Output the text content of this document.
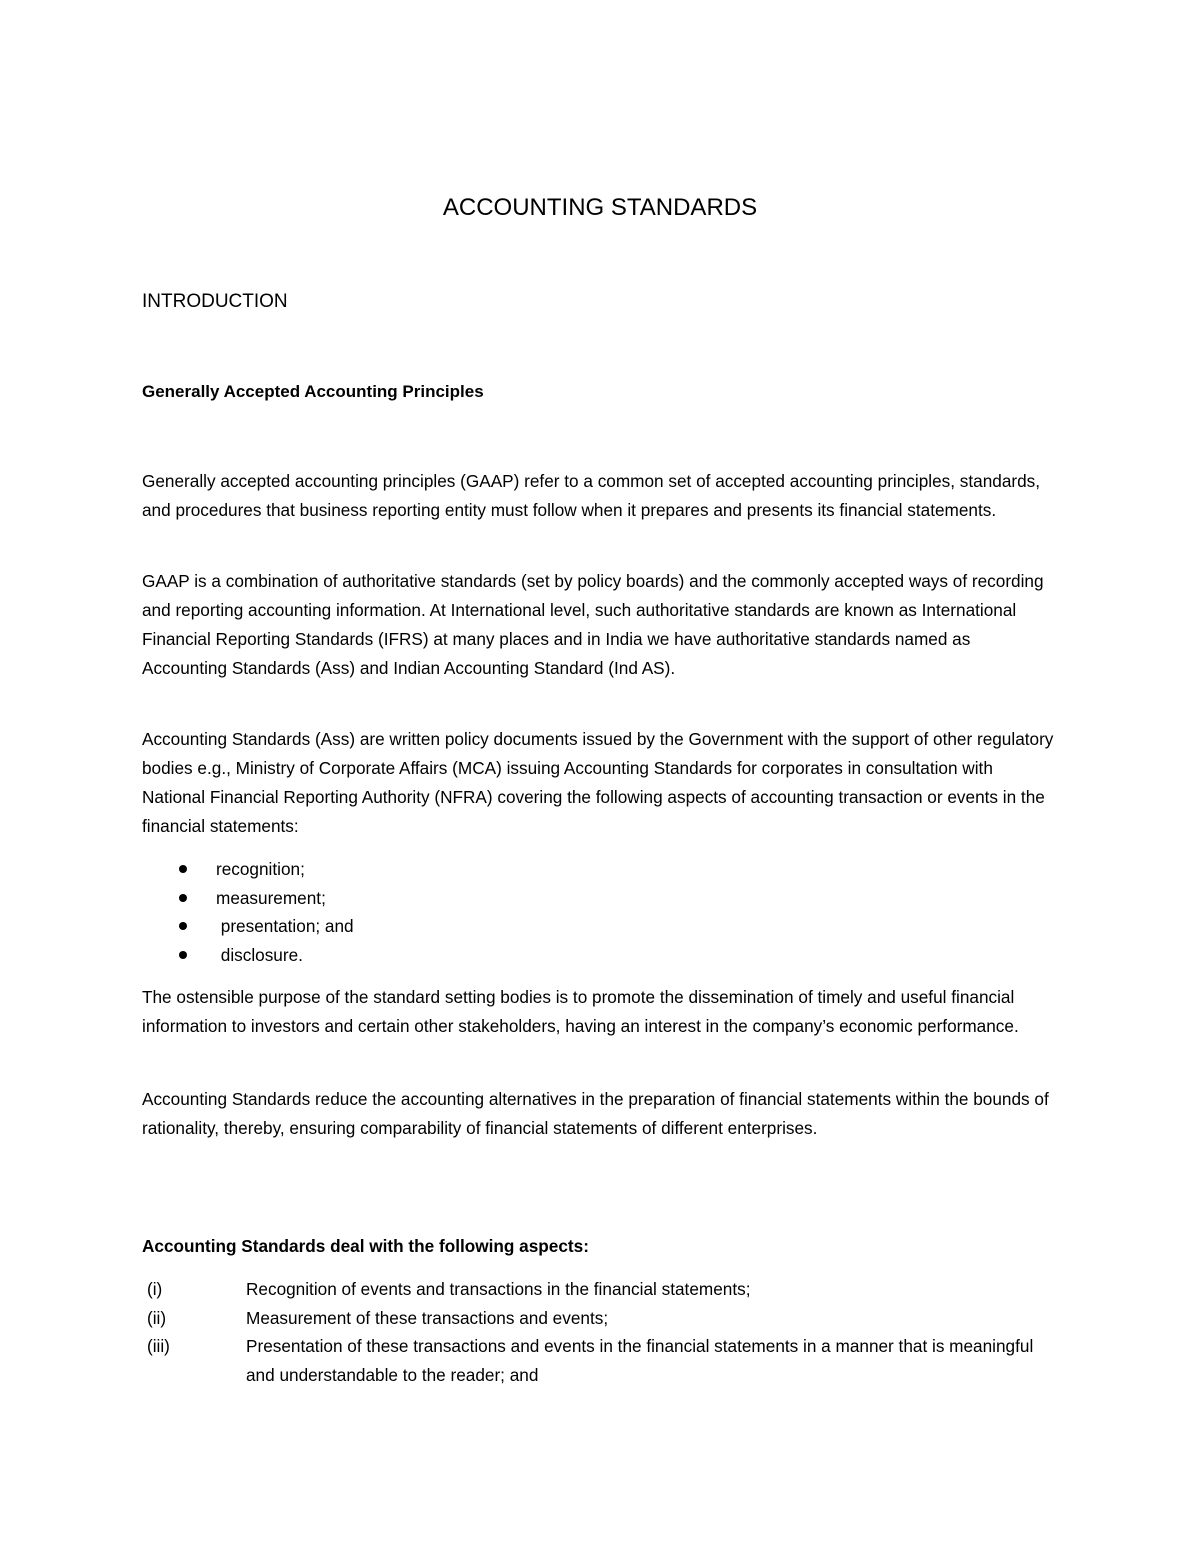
ACCOUNTING STANDARDS
INTRODUCTION
Generally Accepted Accounting Principles

Generally accepted accounting principles (GAAP) refer to a common set of accepted accounting principles, standards, and procedures that business reporting entity must follow when it prepares and presents its financial statements.

GAAP is a combination of authoritative standards (set by policy boards) and the commonly accepted ways of recording and reporting accounting information. At International level, such authoritative standards are known as International Financial Reporting Standards (IFRS) at many places and in India we have authoritative standards named as Accounting Standards (Ass) and Indian Accounting Standard (Ind AS).

Accounting Standards (Ass) are written policy documents issued by the Government with the support of other regulatory bodies e.g., Ministry of Corporate Affairs (MCA) issuing Accounting Standards for corporates in consultation with National Financial Reporting Authority (NFRA) covering the following aspects of accounting transaction or events in the financial statements:

recognition;
measurement;
presentation; and
disclosure.

The ostensible purpose of the standard setting bodies is to promote the dissemination of timely and useful financial information to investors and certain other stakeholders, having an interest in the company’s economic performance.

Accounting Standards reduce the accounting alternatives in the preparation of financial statements within the bounds of rationality, thereby, ensuring comparability of financial statements of different enterprises.

Accounting Standards deal with the following aspects:

(i)	Recognition of events and transactions in the financial statements;
(ii)	Measurement of these transactions and events;
(iii)	Presentation of these transactions and events in the financial statements in a manner that is meaningful and understandable to the reader; and
